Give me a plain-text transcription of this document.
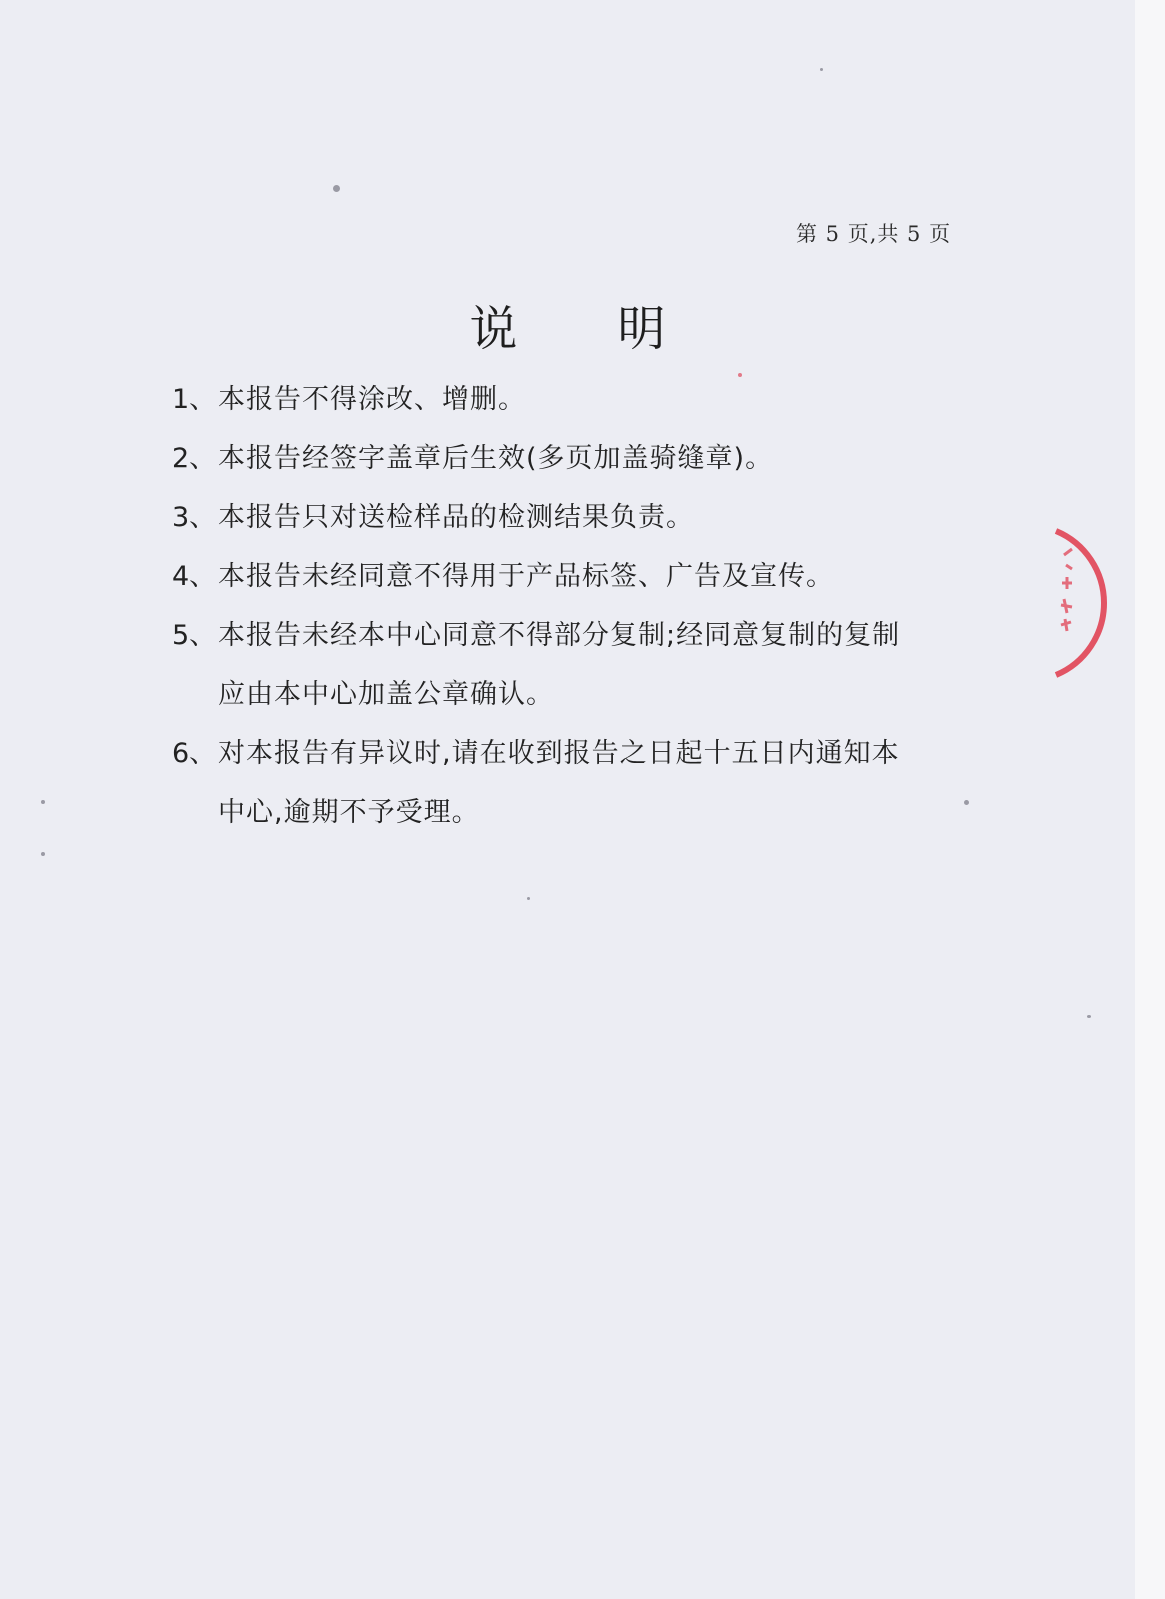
第 5 页,共 5 页
说 明
1、 本报告不得涂改、增删。
2、 本报告经签字盖章后生效(多页加盖骑缝章)。
3、 本报告只对送检样品的检测结果负责。
4、 本报告未经同意不得用于产品标签、广告及宣传。
5、 本报告未经本中心同意不得部分复制;经同意复制的复制
应由本中心加盖公章确认。
6、 对本报告有异议时,请在收到报告之日起十五日内通知本
中心,逾期不予受理。
